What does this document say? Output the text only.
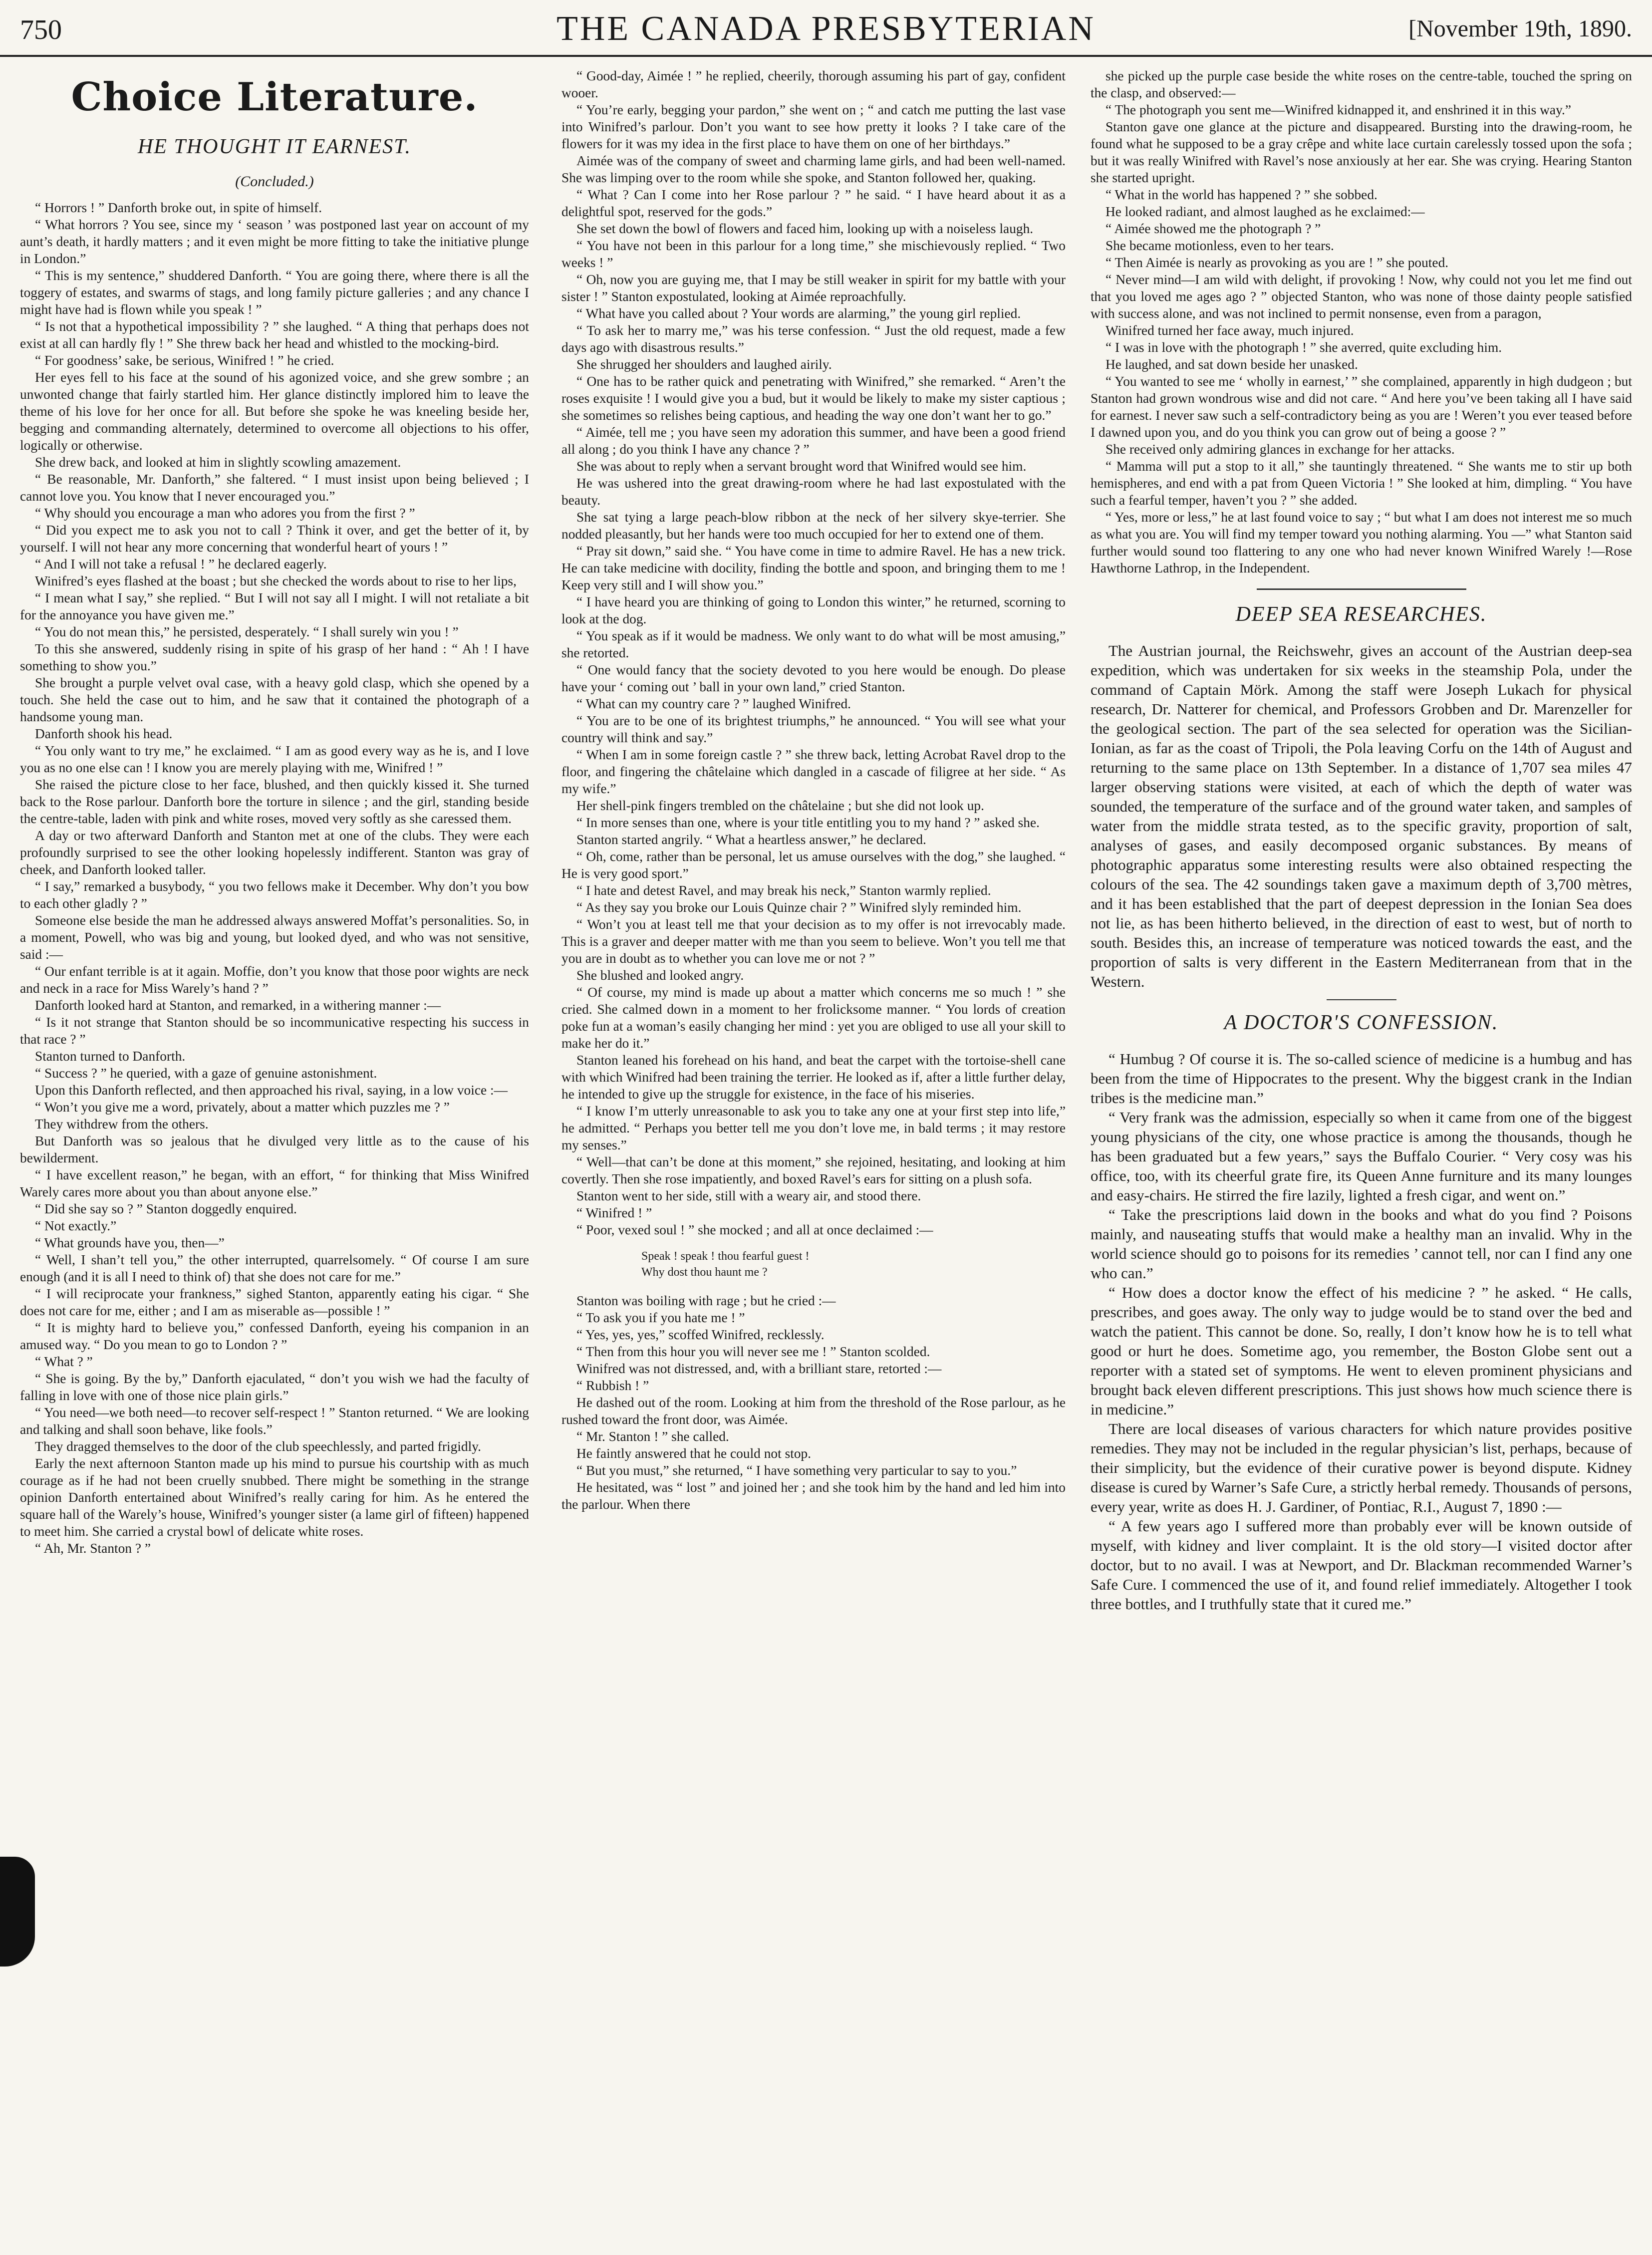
750	THE CANADA PRESBYTERIAN	[November 19th, 1890.
Choice Literature.
HE THOUGHT IT EARNEST.
(Concluded.)

“ Horrors ! ” Danforth broke out, in spite of himself.

“ What horrors ? You see, since my ‘ season ’ was postponed last year on account of my aunt’s death, it hardly matters ; and it even might be more fitting to take the initiative plunge in London.”

“ This is my sentence,” shuddered Danforth. “ You are going there, where there is all the toggery of estates, and swarms of stags, and long family picture galleries ; and any chance I might have had is flown while you speak ! ”

“ Is not that a hypothetical impossibility ? ” she laughed. “ A thing that perhaps does not exist at all can hardly fly ! ” She threw back her head and whistled to the mocking-bird.

“ For goodness’ sake, be serious, Winifred ! ” he cried.

Her eyes fell to his face at the sound of his agonized voice, and she grew sombre ; an unwonted change that fairly startled him. Her glance distinctly implored him to leave the theme of his love for her once for all. But before she spoke he was kneeling beside her, begging and commanding alternately, determined to overcome all objections to his offer, logically or otherwise.

She drew back, and looked at him in slightly scowling amazement.

“ Be reasonable, Mr. Danforth,” she faltered. “ I must insist upon being believed ; I cannot love you. You know that I never encouraged you.”

“ Why should you encourage a man who adores you from the first ? ”

“ Did you expect me to ask you not to call ? Think it over, and get the better of it, by yourself. I will not hear any more concerning that wonderful heart of yours ! ”

“ And I will not take a refusal ! ” he declared eagerly.

Winifred’s eyes flashed at the boast ; but she checked the words about to rise to her lips,

“ I mean what I say,” she replied. “ But I will not say all I might. I will not retaliate a bit for the annoyance you have given me.”

“ You do not mean this,” he persisted, desperately. “ I shall surely win you ! ”

To this she answered, suddenly rising in spite of his grasp of her hand : “ Ah ! I have something to show you.”

She brought a purple velvet oval case, with a heavy gold clasp, which she opened by a touch. She held the case out to him, and he saw that it contained the photograph of a handsome young man.

Danforth shook his head.

“ You only want to try me,” he exclaimed. “ I am as good every way as he is, and I love you as no one else can ! I know you are merely playing with me, Winifred ! ”

She raised the picture close to her face, blushed, and then quickly kissed it. She turned back to the Rose parlour. Danforth bore the torture in silence ; and the girl, standing beside the centre-table, laden with pink and white roses, moved very softly as she caressed them.

A day or two afterward Danforth and Stanton met at one of the clubs. They were each profoundly surprised to see the other looking hopelessly indifferent. Stanton was gray of cheek, and Danforth looked taller.

“ I say,” remarked a busybody, “ you two fellows make it December. Why don’t you bow to each other gladly ? ”

Someone else beside the man he addressed always answered Moffat’s personalities. So, in a moment, Powell, who was big and young, but looked dyed, and who was not sensitive, said :—

“ Our enfant terrible is at it again. Moffie, don’t you know that those poor wights are neck and neck in a race for Miss Warely’s hand ? ”

Danforth looked hard at Stanton, and remarked, in a withering manner :—

“ Is it not strange that Stanton should be so incommunicative respecting his success in that race ? ”

Stanton turned to Danforth.

“ Success ? ” he queried, with a gaze of genuine astonishment.

Upon this Danforth reflected, and then approached his rival, saying, in a low voice :—

“ Won’t you give me a word, privately, about a matter which puzzles me ? ”

They withdrew from the others.

But Danforth was so jealous that he divulged very little as to the cause of his bewilderment.

“ I have excellent reason,” he began, with an effort, “ for thinking that Miss Winifred Warely cares more about you than about anyone else.”

“ Did she say so ? ” Stanton doggedly enquired.

“ Not exactly.”

“ What grounds have you, then—”

“ Well, I shan’t tell you,” the other interrupted, quarrelsomely. “ Of course I am sure enough (and it is all I need to think of) that she does not care for me.”

“ I will reciprocate your frankness,” sighed Stanton, apparently eating his cigar. “ She does not care for me, either ; and I am as miserable as—possible ! ”

“ It is mighty hard to believe you,” confessed Danforth, eyeing his companion in an amused way. “ Do you mean to go to London ? ”

“ What ? ”

“ She is going. By the by,” Danforth ejaculated, “ don’t you wish we had the faculty of falling in love with one of those nice plain girls.”

“ You need—we both need—to recover self-respect ! ” Stanton returned. “ We are looking and talking and shall soon behave, like fools.”

They dragged themselves to the door of the club speechlessly, and parted frigidly.

Early the next afternoon Stanton made up his mind to pursue his courtship with as much courage as if he had not been cruelly snubbed. There might be something in the strange opinion Danforth entertained about Winifred’s really caring for him. As he entered the square hall of the Warely’s house, Winifred’s younger sister (a lame girl of fifteen) happened to meet him. She carried a crystal bowl of delicate white roses.

“ Ah, Mr. Stanton ? ”

“ Good-day, Aimée ! ” he replied, cheerily, thorough assuming his part of gay, confident wooer.

“ You’re early, begging your pardon,” she went on ; “ and catch me putting the last vase into Winifred’s parlour. Don’t you want to see how pretty it looks ? I take care of the flowers for it was my idea in the first place to have them on one of her birthdays.”

Aimée was of the company of sweet and charming lame girls, and had been well-named. She was limping over to the room while she spoke, and Stanton followed her, quaking.

“ What ? Can I come into her Rose parlour ? ” he said. “ I have heard about it as a delightful spot, reserved for the gods.”

She set down the bowl of flowers and faced him, looking up with a noiseless laugh.

“ You have not been in this parlour for a long time,” she mischievously replied. “ Two weeks ! ”

“ Oh, now you are guying me, that I may be still weaker in spirit for my battle with your sister ! ” Stanton expostulated, looking at Aimée reproachfully.

“ What have you called about ? Your words are alarming,” the young girl replied.

“ To ask her to marry me,” was his terse confession. “ Just the old request, made a few days ago with disastrous results.”

She shrugged her shoulders and laughed airily.

“ One has to be rather quick and penetrating with Winifred,” she remarked. “ Aren’t the roses exquisite ! I would give you a bud, but it would be likely to make my sister captious ; she sometimes so relishes being captious, and heading the way one don’t want her to go.”

“ Aimée, tell me ; you have seen my adoration this summer, and have been a good friend all along ; do you think I have any chance ? ”

She was about to reply when a servant brought word that Winifred would see him.

He was ushered into the great drawing-room where he had last expostulated with the beauty.

She sat tying a large peach-blow ribbon at the neck of her silvery skye-terrier. She nodded pleasantly, but her hands were too much occupied for her to extend one of them.

“ Pray sit down,” said she. “ You have come in time to admire Ravel. He has a new trick. He can take medicine with docility, finding the bottle and spoon, and bringing them to me ! Keep very still and I will show you.”

“ I have heard you are thinking of going to London this winter,” he returned, scorning to look at the dog.

“ You speak as if it would be madness. We only want to do what will be most amusing,” she retorted.

“ One would fancy that the society devoted to you here would be enough. Do please have your ‘ coming out ’ ball in your own land,” cried Stanton.

“ What can my country care ? ” laughed Winifred.

“ You are to be one of its brightest triumphs,” he announced. “ You will see what your country will think and say.”

“ When I am in some foreign castle ? ” she threw back, letting Acrobat Ravel drop to the floor, and fingering the châtelaine which dangled in a cascade of filigree at her side. “ As my wife.”

Her shell-pink fingers trembled on the châtelaine ; but she did not look up.

“ In more senses than one, where is your title entitling you to my hand ? ” asked she.

Stanton started angrily. “ What a heartless answer,” he declared.

“ Oh, come, rather than be personal, let us amuse ourselves with the dog,” she laughed. “ He is very good sport.”

“ I hate and detest Ravel, and may break his neck,” Stanton warmly replied.

“ As they say you broke our Louis Quinze chair ? ” Winifred slyly reminded him.

“ Won’t you at least tell me that your decision as to my offer is not irrevocably made. This is a graver and deeper matter with me than you seem to believe. Won’t you tell me that you are in doubt as to whether you can love me or not ? ”

She blushed and looked angry.

“ Of course, my mind is made up about a matter which concerns me so much ! ” she cried. She calmed down in a moment to her frolicksome manner. “ You lords of creation poke fun at a woman’s easily changing her mind : yet you are obliged to use all your skill to make her do it.”

Stanton leaned his forehead on his hand, and beat the carpet with the tortoise-shell cane with which Winifred had been training the terrier. He looked as if, after a little further delay, he intended to give up the struggle for existence, in the face of his miseries.

“ I know I’m utterly unreasonable to ask you to take any one at your first step into life,” he admitted. “ Perhaps you better tell me you don’t love me, in bald terms ; it may restore my senses.”

“ Well—that can’t be done at this moment,” she rejoined, hesitating, and looking at him covertly. Then she rose impatiently, and boxed Ravel’s ears for sitting on a plush sofa.

Stanton went to her side, still with a weary air, and stood there.

“ Winifred ! ”

“ Poor, vexed soul ! ” she mocked ; and all at once declaimed :—

Speak ! speak ! thou fearful guest !
Why dost thou haunt me ?

Stanton was boiling with rage ; but he cried :—

“ To ask you if you hate me ! ”

“ Yes, yes, yes,” scoffed Winifred, recklessly.

“ Then from this hour you will never see me ! ” Stanton scolded.

Winifred was not distressed, and, with a brilliant stare, retorted :—

“ Rubbish ! ”

He dashed out of the room. Looking at him from the threshold of the Rose parlour, as he rushed toward the front door, was Aimée.

“ Mr. Stanton ! ” she called.

He faintly answered that he could not stop.

“ But you must,” she returned, “ I have something very particular to say to you.”

He hesitated, was “ lost ” and joined her ; and she took him by the hand and led him into the parlour. When there

she picked up the purple case beside the white roses on the centre-table, touched the spring on the clasp, and observed:—

“ The photograph you sent me—Winifred kidnapped it, and enshrined it in this way.”

Stanton gave one glance at the picture and disappeared. Bursting into the drawing-room, he found what he supposed to be a gray crêpe and white lace curtain carelessly tossed upon the sofa ; but it was really Winifred with Ravel’s nose anxiously at her ear. She was crying. Hearing Stanton she started upright.

“ What in the world has happened ? ” she sobbed.

He looked radiant, and almost laughed as he exclaimed:—

“ Aimée showed me the photograph ? ”

She became motionless, even to her tears.

“ Then Aimée is nearly as provoking as you are ! ” she pouted.

“ Never mind—I am wild with delight, if provoking ! Now, why could not you let me find out that you loved me ages ago ? ” objected Stanton, who was none of those dainty people satisfied with success alone, and was not inclined to permit nonsense, even from a paragon,

Winifred turned her face away, much injured.

“ I was in love with the photograph ! ” she averred, quite excluding him.

He laughed, and sat down beside her unasked.

“ You wanted to see me ‘ wholly in earnest,’ ” she complained, apparently in high dudgeon ; but Stanton had grown wondrous wise and did not care. “ And here you’ve been taking all I have said for earnest. I never saw such a self-contradictory being as you are ! Weren’t you ever teased before I dawned upon you, and do you think you can grow out of being a goose ? ”

She received only admiring glances in exchange for her attacks.

“ Mamma will put a stop to it all,” she tauntingly threatened. “ She wants me to stir up both hemispheres, and end with a pat from Queen Victoria ! ” She looked at him, dimpling. “ You have such a fearful temper, haven’t you ? ” she added.

“ Yes, more or less,” he at last found voice to say ; “ but what I am does not interest me so much as what you are. You will find my temper toward you nothing alarming. You —” what Stanton said further would sound too flattering to any one who had never known Winifred Warely !—Rose Hawthorne Lathrop, in the Independent.

DEEP SEA RESEARCHES.

The Austrian journal, the Reichswehr, gives an account of the Austrian deep-sea expedition, which was undertaken for six weeks in the steamship Pola, under the command of Captain Mörk. Among the staff were Joseph Lukach for physical research, Dr. Natterer for chemical, and Professors Grobben and Dr. Marenzeller for the geological section. The part of the sea selected for operation was the Sicilian-Ionian, as far as the coast of Tripoli, the Pola leaving Corfu on the 14th of August and returning to the same place on 13th September. In a distance of 1,707 sea miles 47 larger observing stations were visited, at each of which the depth of water was sounded, the temperature of the surface and of the ground water taken, and samples of water from the middle strata tested, as to the specific gravity, proportion of salt, analyses of gases, and easily decomposed organic substances. By means of photographic apparatus some interesting results were also obtained respecting the colours of the sea. The 42 soundings taken gave a maximum depth of 3,700 mètres, and it has been established that the part of deepest depression in the Ionian Sea does not lie, as has been hitherto believed, in the direction of east to west, but of north to south. Besides this, an increase of temperature was noticed towards the east, and the proportion of salts is very different in the Eastern Mediterranean from that in the Western.

A DOCTOR'S CONFESSION.

“ Humbug ? Of course it is. The so-called science of medicine is a humbug and has been from the time of Hippocrates to the present. Why the biggest crank in the Indian tribes is the medicine man.”

“ Very frank was the admission, especially so when it came from one of the biggest young physicians of the city, one whose practice is among the thousands, though he has been graduated but a few years,” says the Buffalo Courier. “ Very cosy was his office, too, with its cheerful grate fire, its Queen Anne furniture and its many lounges and easy-chairs. He stirred the fire lazily, lighted a fresh cigar, and went on.”

“ Take the prescriptions laid down in the books and what do you find ? Poisons mainly, and nauseating stuffs that would make a healthy man an invalid. Why in the world science should go to poisons for its remedies ’ cannot tell, nor can I find any one who can.”

“ How does a doctor know the effect of his medicine ? ” he asked. “ He calls, prescribes, and goes away. The only way to judge would be to stand over the bed and watch the patient. This cannot be done. So, really, I don’t know how he is to tell what good or hurt he does. Sometime ago, you remember, the Boston Globe sent out a reporter with a stated set of symptoms. He went to eleven prominent physicians and brought back eleven different prescriptions. This just shows how much science there is in medicine.”

There are local diseases of various characters for which nature provides positive remedies. They may not be included in the regular physician’s list, perhaps, because of their simplicity, but the evidence of their curative power is beyond dispute. Kidney disease is cured by Warner’s Safe Cure, a strictly herbal remedy. Thousands of persons, every year, write as does H. J. Gardiner, of Pontiac, R.I., August 7, 1890 :—

“ A few years ago I suffered more than probably ever will be known outside of myself, with kidney and liver complaint. It is the old story—I visited doctor after doctor, but to no avail. I was at Newport, and Dr. Blackman recommended Warner’s Safe Cure. I commenced the use of it, and found relief immediately. Altogether I took three bottles, and I truthfully state that it cured me.”
